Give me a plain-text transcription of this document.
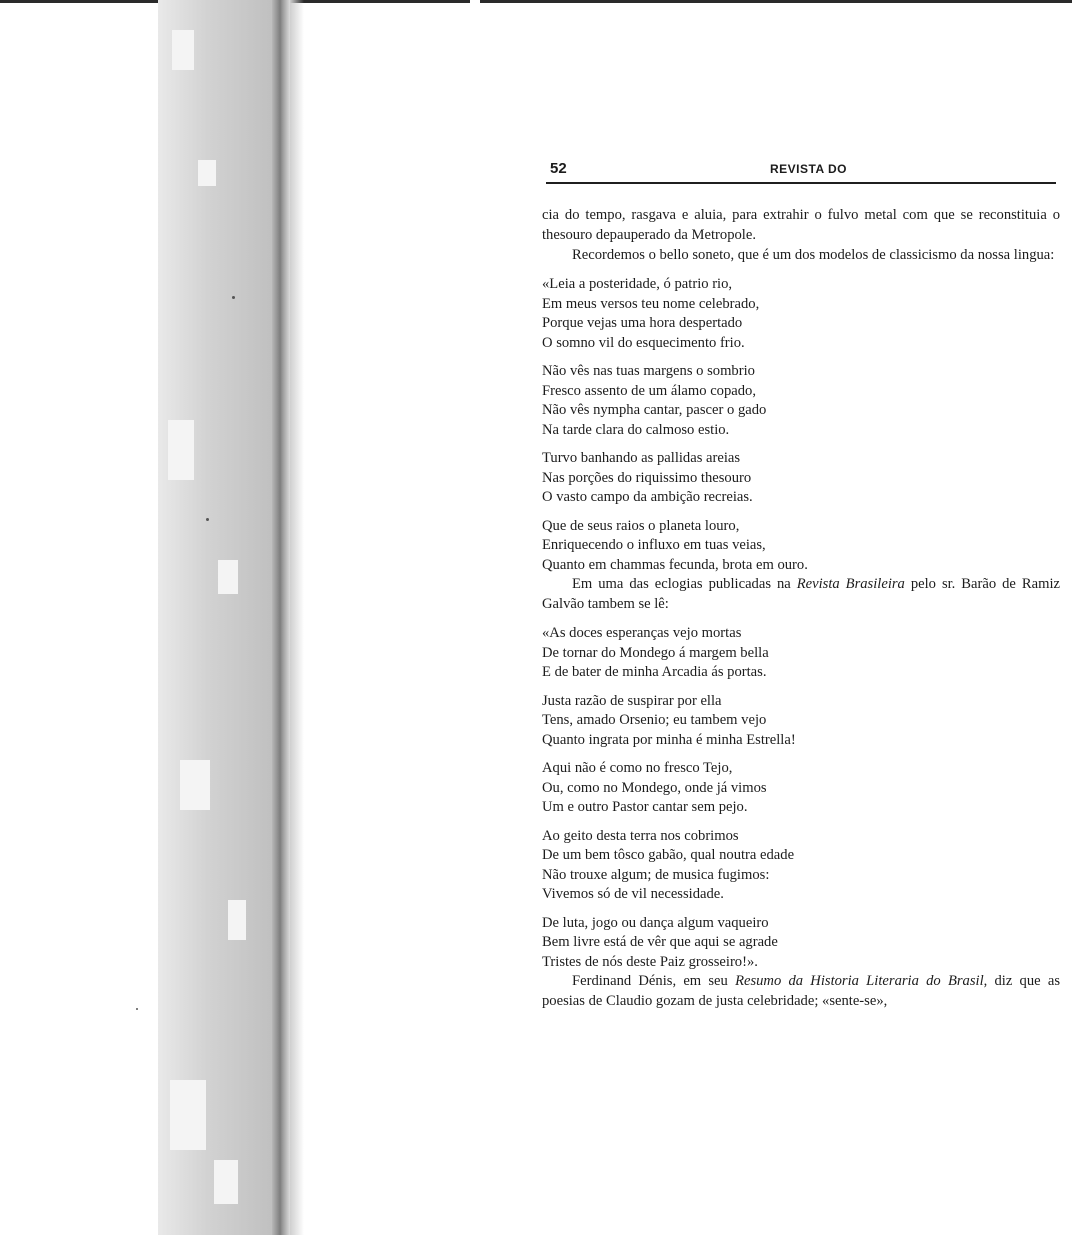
52	REVISTA DO

cia do tempo, rasgava e aluia, para extrahir o fulvo metal com que se reconstituia o thesouro depauperado da Metropole.

Recordemos o bello soneto, que é um dos modelos de classicismo da nossa lingua:

«Leia a posteridade, ó patrio rio,
Em meus versos teu nome celebrado,
Porque vejas uma hora despertado
O somno vil do esquecimento frio.
Não vês nas tuas margens o sombrio
Fresco assento de um álamo copado,
Não vês nympha cantar, pascer o gado
Na tarde clara do calmoso estio.
Turvo banhando as pallidas areias
Nas porções do riquissimo thesouro
O vasto campo da ambição recreias.
Que de seus raios o planeta louro,
Enriquecendo o influxo em tuas veias,
Quanto em chammas fecunda, brota em ouro.

Em uma das eclogias publicadas na Revista Brasileira pelo sr. Barão de Ramiz Galvão tambem se lê:

«As doces esperanças vejo mortas
De tornar do Mondego á margem bella
E de bater de minha Arcadia ás portas.
Justa razão de suspirar por ella
Tens, amado Orsenio; eu tambem vejo
Quanto ingrata por minha é minha Estrella!
Aqui não é como no fresco Tejo,
Ou, como no Mondego, onde já vimos
Um e outro Pastor cantar sem pejo.
Ao geito desta terra nos cobrimos
De um bem tôsco gabão, qual noutra edade
Não trouxe algum; de musica fugimos:
Vivemos só de vil necessidade.
De luta, jogo ou dança algum vaqueiro
Bem livre está de vêr que aqui se agrade
Tristes de nós deste Paiz grosseiro!».

Ferdinand Dénis, em seu Resumo da Historia Literaria do Brasil, diz que as poesias de Claudio gozam de justa celebridade; «sente-se»,
